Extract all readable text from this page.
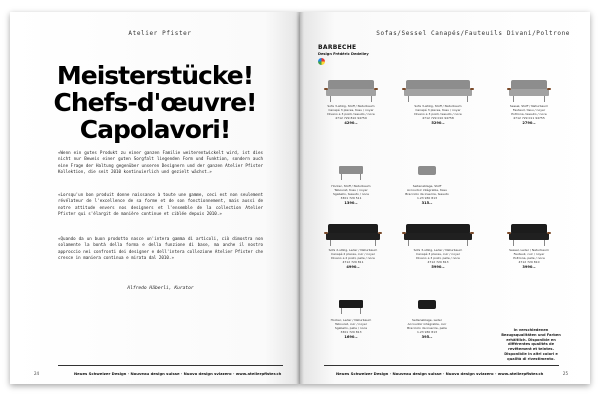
Atelier Pfister
Meisterstücke!
Chefs-d'œuvre!
Capolavori!
«Wenn ein gutes Produkt zu einer ganzen Familie weiterentwickelt wird, ist dies nicht nur Beweis einer guten Sorgfalt liegenden Form und Funktion, sondern auch eine Frage der Haltung gegenüber unseren Designern und der ganzen Atelier Pfister Kollektion, die seit 2010 kontinuierlich und gezielt wächst.»
«Lorsqu'un bon produit donne naissance à toute une gamme, ceci est non seulement révélateur de l'excellence de sa forme et de son fonctionnement, mais aussi de notre attitude envers nos designers et l'ensemble de la collection Atelier Pfister qui s'élargit de manière continue et ciblée depuis 2010.»
«Quando da un buon prodotto nasce un'intera gamma di articoli, ciò dimostra non solamente la bontà della forma e della funzione di base, ma anche il nostro approccio nei confronti dei designer e dell'intera collezione Atelier Pfister che cresce in maniera continua e mirata dal 2010.»
Alfredo Häberli, Kurator
Neues Schweizer Design · Nouveau design suisse · Nuovo design svizzero · www.atelierpfister.ch
24
Sofas/Sessel Canapés/Fauteuils Divani/Poltrone
BARBECHE
Design Frédéric Dedelley
Sofa 3-sitzig, Stoff / Naturbaum
Canapé 3 places, tissu / noyer
Divano a 3 posti, tessuto / noce
4712 729 810 94759
4290.–
Sofa 3-sitzig, Stoff / Naturbaum
Canapé 3 places, tissu / noyer
Divano a 3 posti, tessuto / noce
4712 729 010 94758
5290.–
Sessel, Stoff / Naturbaum
Fauteuil, tissu / noyer
Poltrona, tessuto / noce
4712 729 011 94755
2790.–
Hocker, Stoff / Naturbaum
Tabouret, tissu / noyer
Sgabello, tessuto / noce
3301 729 511
1390.–
Seitenablage, Stoff
Accoudoir intégrable, tissu
Bracciolo da inserire, tessuto
1.23 930 813
315.–
Sofa 2-sitzig, Leder / Naturbaum
Canapé 2 places, cuir / noyer
Divano a 2 posti, pelle / noce
4712 729 811
4990.–
Sofa 3-sitzig, Leder / Naturbaum
Canapé 3 places, cuir / noyer
Divano a 3 posti, pelle / noce
4712 729 813
5990.–
Sessel, Leder / Naturbaum
Fauteuil, cuir / noyer
Poltrona, pelle / noce
4712 729 810
3990.–
Hocker, Leder / Naturbaum
Tabouret, cuir / noyer
Sgabello, pelle / noce
3301 729 813
1690.–
Seitenablage, Leder
Accoudoir intégrable, cuir
Bracciolo da inserire, pelle
1.23 930 813
395.–
In verschiedenen Bezugsqualitäten und Farben erhältlich. Disponible en différentes qualités de revêtement et teintes. Disponibile in altri colori e qualità di rivestimento.
Neues Schweizer Design · Nouveau design suisse · Nuovo design svizzero · www.atelierpfister.ch	25
